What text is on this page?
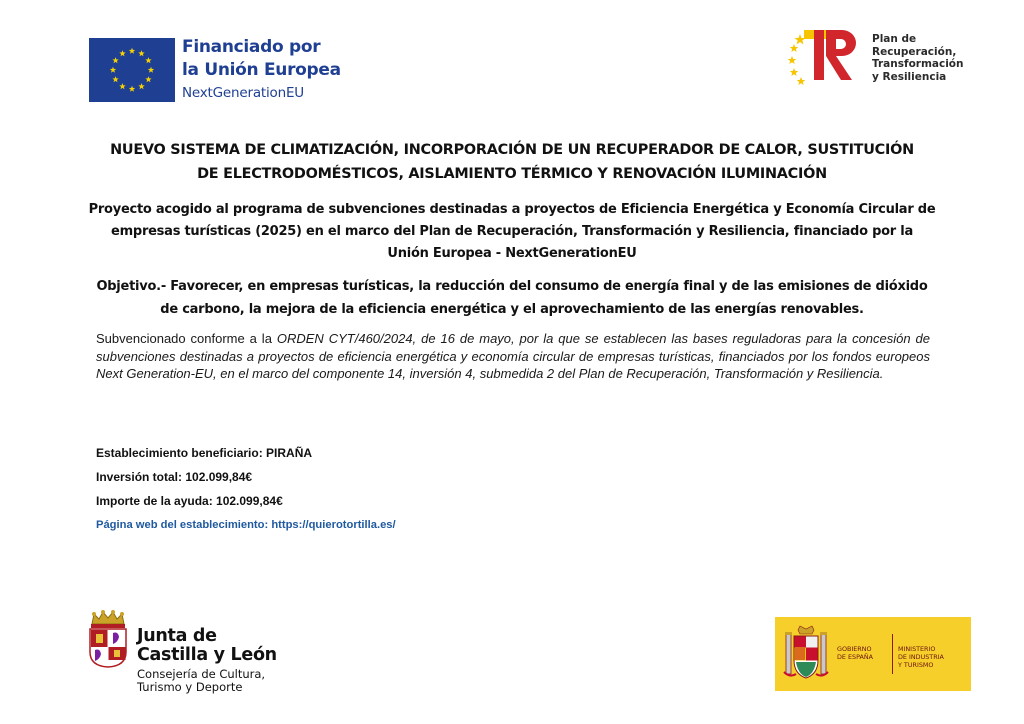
Financiado por
la Unión Europea
NextGenerationEU
Plan de
Recuperación,
Transformación
y Resiliencia
NUEVO SISTEMA DE CLIMATIZACIÓN, INCORPORACIÓN DE UN RECUPERADOR DE CALOR, SUSTITUCIÓN
DE ELECTRODOMÉSTICOS, AISLAMIENTO TÉRMICO Y RENOVACIÓN ILUMINACIÓN
Proyecto acogido al programa de subvenciones destinadas a proyectos de Eficiencia Energética y Economía Circular de
empresas turísticas (2025) en el marco del Plan de Recuperación, Transformación y Resiliencia, financiado por la
Unión Europea - NextGenerationEU
Objetivo.- Favorecer, en empresas turísticas, la reducción del consumo de energía final y de las emisiones de dióxido
de carbono, la mejora de la eficiencia energética y el aprovechamiento de las energías renovables.
Subvencionado conforme a la ORDEN CYT/460/2024, de 16 de mayo, por la que se establecen las bases reguladoras para la concesión de subvenciones destinadas a proyectos de eficiencia energética y economía circular de empresas turísticas, financiados por los fondos europeos Next Generation-EU, en el marco del componente 14, inversión 4, submedida 2 del Plan de Recuperación, Transformación y Resiliencia.
Establecimiento beneficiario: PIRAÑA
Inversión total: 102.099,84€
Importe de la ayuda: 102.099,84€
Página web del establecimiento: https://quierotortilla.es/
Junta de
Castilla y León
Consejería de Cultura,
Turismo y Deporte
GOBIERNO
DE ESPAÑA
MINISTERIO
DE INDUSTRIA
Y TURISMO
